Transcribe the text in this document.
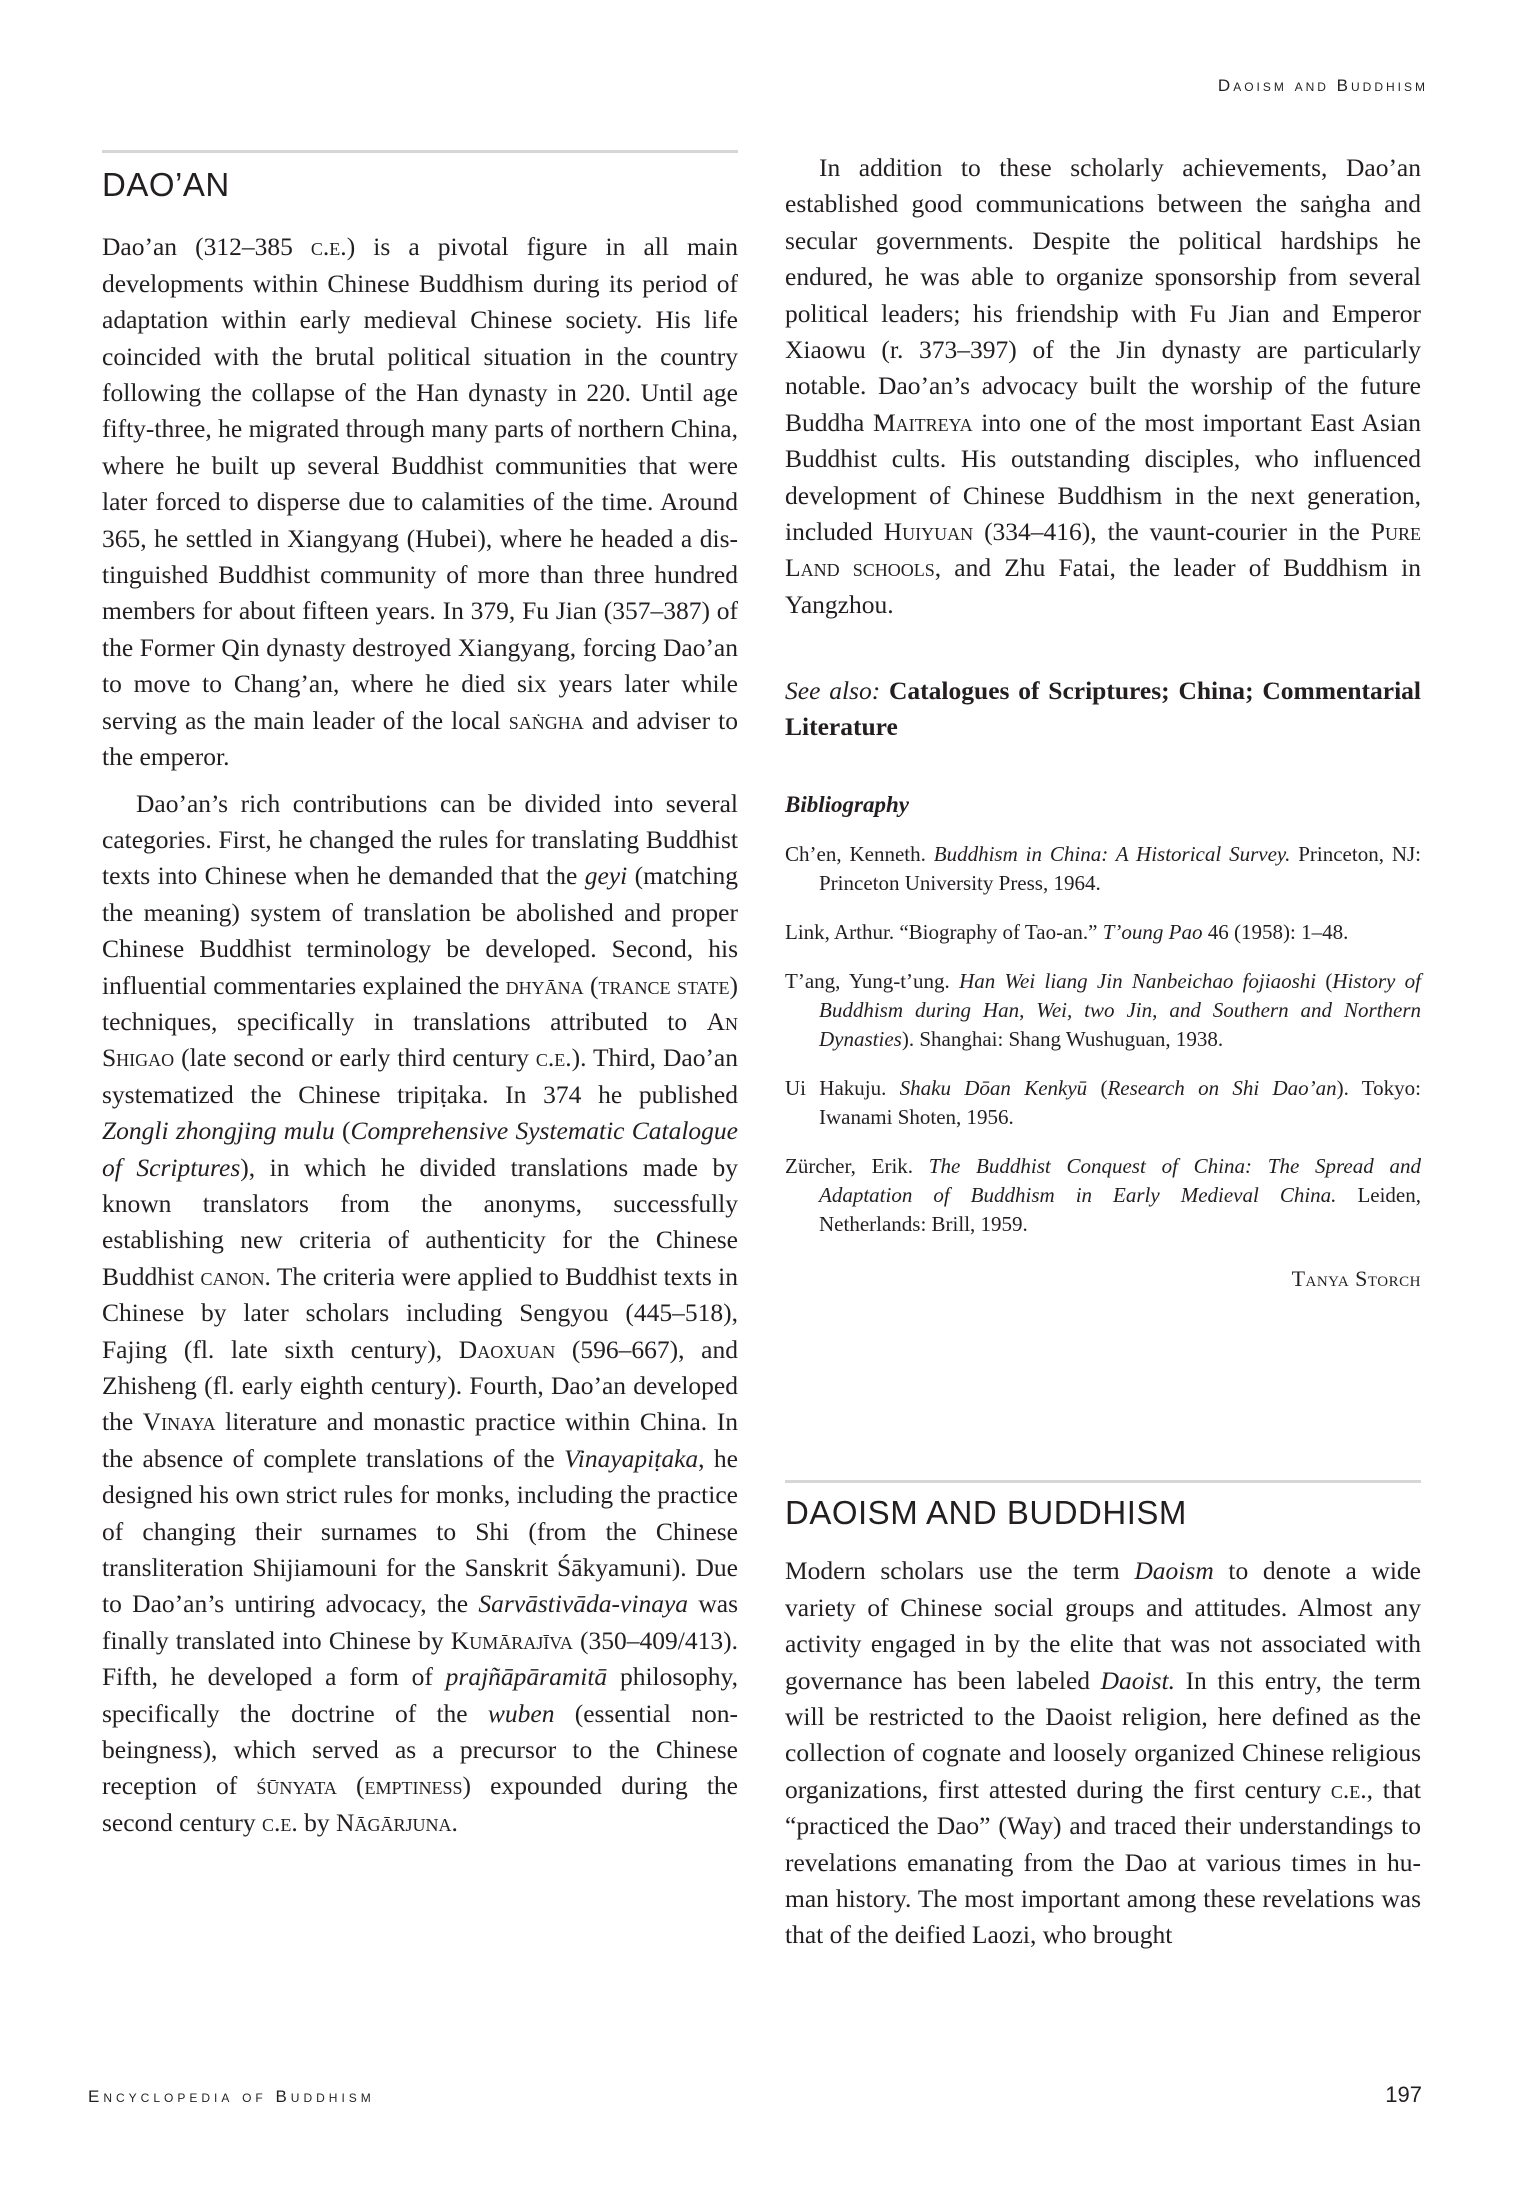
Daoism and Buddhism
DAO’AN

Dao’an (312–385 c.e.) is a pivotal figure in all main developments within Chinese Buddhism during its period of adaptation within early medieval Chinese society. His life coincided with the brutal political situation in the country following the collapse of the Han dynasty in 220. Until age fifty-three, he migrated through many parts of northern China, where he built up several Buddhist communities that were later forced to disperse due to calamities of the time. Around 365, he settled in Xiangyang (Hubei), where he headed a distinguished Buddhist community of more than three hundred members for about fifteen years. In 379, Fu Jian (357–387) of the Former Qin dynasty destroyed Xiangyang, forcing Dao’an to move to Chang’an, where he died six years later while serving as the main leader of the local saṅgha and adviser to the emperor.

Dao’an’s rich contributions can be divided into several categories. First, he changed the rules for translating Buddhist texts into Chinese when he demanded that the geyi (matching the meaning) system of translation be abolished and proper Chinese Buddhist terminology be developed. Second, his influential commentaries explained the dhyāna (trance state) techniques, specifically in translations attributed to An Shigao (late second or early third century c.e.). Third, Dao’an systematized the Chinese tripiṭaka. In 374 he published Zongli zhongjing mulu (Comprehensive Systematic Catalogue of Scriptures), in which he divided translations made by known translators from the anonyms, successfully establishing new criteria of authenticity for the Chinese Buddhist canon. The criteria were applied to Buddhist texts in Chinese by later scholars including Sengyou (445–518), Fajing (fl. late sixth century), Daoxuan (596–667), and Zhisheng (fl. early eighth century). Fourth, Dao’an developed the Vinaya literature and monastic practice within China. In the absence of complete translations of the Vinayapiṭaka, he designed his own strict rules for monks, including the practice of changing their surnames to Shi (from the Chinese transliteration Shijiamouni for the Sanskrit Śākyamuni). Due to Dao’an’s untiring advocacy, the Sarvāstivāda-vinaya was finally translated into Chinese by Kumārajīva (350–409/413). Fifth, he developed a form of prajñāpāramitā philosophy, specifically the doctrine of the wuben (essential nonbeingness), which served as a precursor to the Chinese reception of śūnyata (emptiness) expounded during the second century c.e. by Nāgārjuna.

In addition to these scholarly achievements, Dao’an established good communications between the saṅgha and secular governments. Despite the political hardships he endured, he was able to organize sponsorship from several political leaders; his friendship with Fu Jian and Emperor Xiaowu (r. 373–397) of the Jin dynasty are particularly notable. Dao’an’s advocacy built the worship of the future Buddha Maitreya into one of the most important East Asian Buddhist cults. His outstanding disciples, who influenced development of Chinese Buddhism in the next generation, included Huiyuan (334–416), the vaunt-courier in the Pure Land schools, and Zhu Fatai, the leader of Buddhism in Yangzhou.

See also: Catalogues of Scriptures; China; Commentarial Literature

Bibliography
Ch’en, Kenneth. Buddhism in China: A Historical Survey. Princeton, NJ: Princeton University Press, 1964.
Link, Arthur. “Biography of Tao-an.” T’oung Pao 46 (1958): 1–48.
T’ang, Yung-t’ung. Han Wei liang Jin Nanbeichao fojiaoshi (History of Buddhism during Han, Wei, two Jin, and Southern and Northern Dynasties). Shanghai: Shang Wushuguan, 1938.
Ui Hakuju. Shaku Dōan Kenkyū (Research on Shi Dao’an). Tokyo: Iwanami Shoten, 1956.
Zürcher, Erik. The Buddhist Conquest of China: The Spread and Adaptation of Buddhism in Early Medieval China. Leiden, Netherlands: Brill, 1959.
Tanya Storch
DAOISM AND BUDDHISM

Modern scholars use the term Daoism to denote a wide variety of Chinese social groups and attitudes. Almost any activity engaged in by the elite that was not associated with governance has been labeled Daoist. In this entry, the term will be restricted to the Daoist religion, here defined as the collection of cognate and loosely organized Chinese religious organizations, first attested during the first century c.e., that “practiced the Dao” (Way) and traced their understandings to revelations emanating from the Dao at various times in human history. The most important among these revelations was that of the deified Laozi, who brought

Encyclopedia of Buddhism	197
